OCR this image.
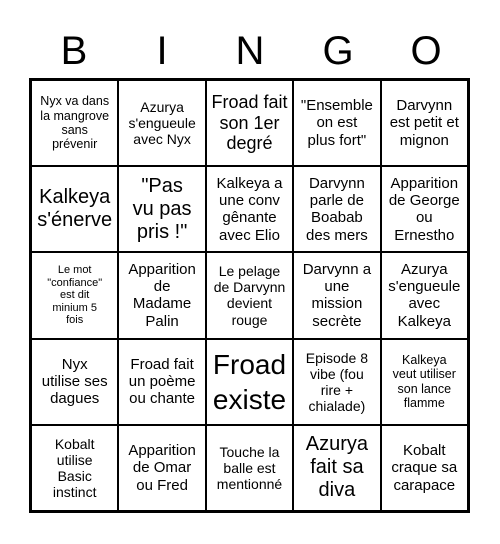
B	I	N	G	O
Nyx va dans
la mangrove
sans
prévenir
Azurya
s'engueule
avec Nyx
Froad fait
son 1er
degré
"Ensemble
on est
plus fort"
Darvynn
est petit et
mignon
Kalkeya
s'énerve
"Pas
vu pas
pris !"
Kalkeya a
une conv
gênante
avec Elio
Darvynn
parle de
Boabab
des mers
Apparition
de George
ou
Ernestho
Le mot
"confiance"
est dit
minium 5
fois
Apparition
de
Madame
Palin
Le pelage
de Darvynn
devient
rouge
Darvynn a
une
mission
secrète
Azurya
s'engueule
avec
Kalkeya
Nyx
utilise ses
dagues
Froad fait
un poème
ou chante
Froad
existe
Episode 8
vibe (fou
rire +
chialade)
Kalkeya
veut utiliser
son lance
flamme
Kobalt
utilise
Basic
instinct
Apparition
de Omar
ou Fred
Touche la
balle est
mentionné
Azurya
fait sa
diva
Kobalt
craque sa
carapace
